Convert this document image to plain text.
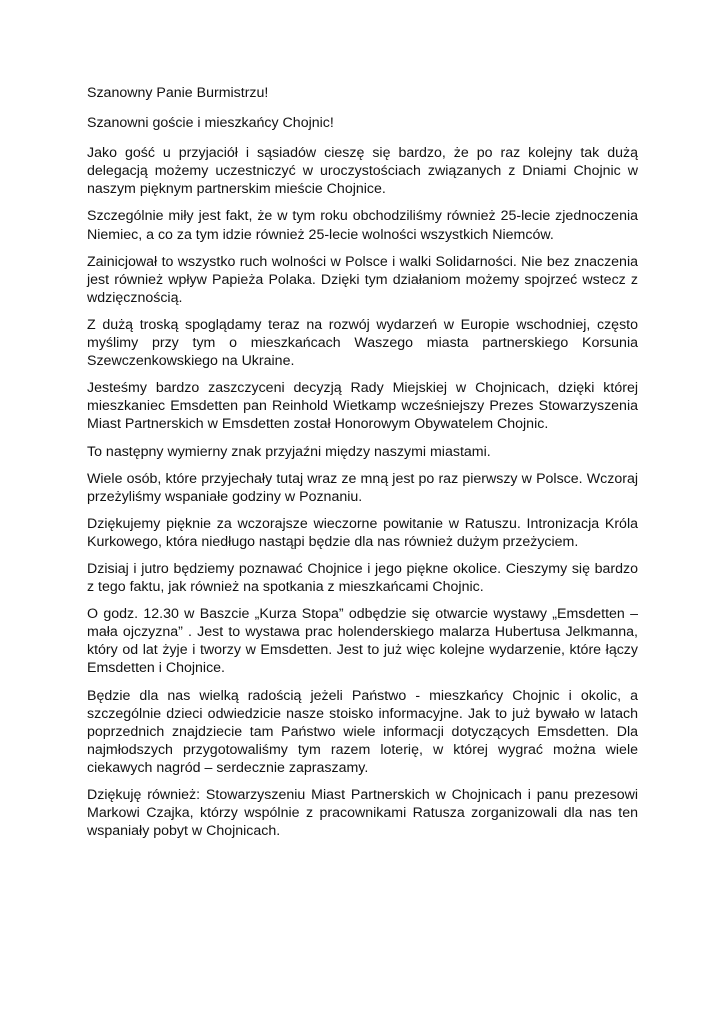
Szanowny Panie Burmistrzu!

Szanowni goście i mieszkańcy Chojnic!

Jako gość u przyjaciół i sąsiadów cieszę się bardzo, że po raz kolejny tak dużą delegacją możemy uczestniczyć w uroczystościach związanych z Dniami Chojnic w naszym pięknym partnerskim mieście Chojnice.

Szczególnie miły jest fakt, że w tym roku obchodziliśmy również 25-lecie zjednoczenia Niemiec, a co za tym idzie również 25-lecie wolności wszystkich Niemców.

Zainicjował to wszystko ruch wolności w Polsce i walki Solidarności. Nie bez znaczenia jest również wpływ Papieża Polaka. Dzięki tym działaniom możemy spojrzeć wstecz z wdzięcznością.

Z dużą troską spoglądamy teraz na rozwój wydarzeń w Europie wschodniej, często myślimy przy tym o mieszkańcach Waszego miasta partnerskiego Korsunia Szewczenkowskiego na Ukraine.

Jesteśmy bardzo zaszczyceni decyzją Rady Miejskiej w Chojnicach, dzięki której mieszkaniec Emsdetten pan Reinhold Wietkamp wcześniejszy Prezes Stowarzyszenia Miast Partnerskich w Emsdetten został Honorowym Obywatelem Chojnic.

To następny wymierny znak przyjaźni między naszymi miastami.

Wiele osób, które przyjechały tutaj wraz ze mną jest po raz pierwszy w Polsce. Wczoraj przeżyliśmy wspaniałe godziny w Poznaniu.

Dziękujemy pięknie za wczorajsze wieczorne powitanie w Ratuszu. Intronizacja Króla Kurkowego, która niedługo nastąpi będzie dla nas również dużym przeżyciem.

Dzisiaj i jutro będziemy poznawać Chojnice i jego piękne okolice. Cieszymy się bardzo z tego faktu, jak również na spotkania z mieszkańcami Chojnic.

O godz. 12.30 w Baszcie „Kurza Stopa” odbędzie się otwarcie wystawy „Emsdetten – mała ojczyzna” . Jest to wystawa prac holenderskiego malarza Hubertusa Jelkmanna, który od lat żyje i tworzy w Emsdetten. Jest to już więc kolejne wydarzenie, które łączy Emsdetten i Chojnice.

Będzie dla nas wielką radością jeżeli Państwo - mieszkańcy Chojnic i okolic, a szczególnie dzieci odwiedzicie nasze stoisko informacyjne. Jak to już bywało w latach poprzednich znajdziecie tam Państwo wiele informacji dotyczących Emsdetten. Dla najmłodszych przygotowaliśmy tym razem loterię, w której wygrać można wiele ciekawych nagród – serdecznie zapraszamy.

Dziękuję również: Stowarzyszeniu Miast Partnerskich w Chojnicach i panu prezesowi Markowi Czajka, którzy wspólnie z pracownikami Ratusza zorganizowali dla nas ten wspaniały pobyt w Chojnicach.
